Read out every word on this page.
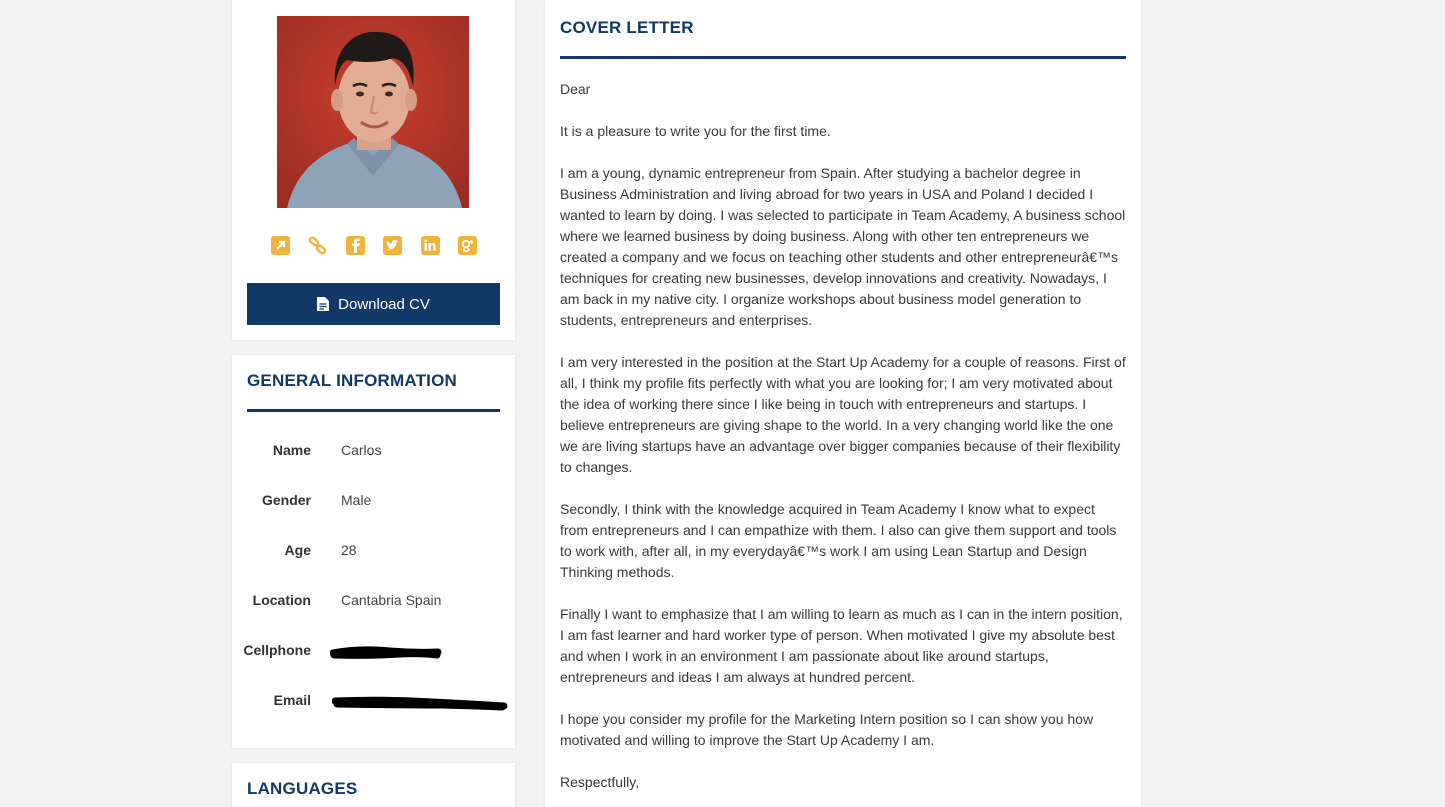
Download CV
GENERAL INFORMATION
Name Carlos
Gender Male
Age 28
Location Cantabria Spain
Cellphone
Email
LANGUAGES
COVER LETTER

Dear

It is a pleasure to write you for the first time.

I am a young, dynamic entrepreneur from Spain. After studying a bachelor degree in Business Administration and living abroad for two years in USA and Poland I decided I wanted to learn by doing. I was selected to participate in Team Academy, A business school where we learned business by doing business. Along with other ten entrepreneurs we created a company and we focus on teaching other students and other entrepreneurâ€™s techniques for creating new businesses, develop innovations and creativity. Nowadays, I am back in my native city. I organize workshops about business model generation to students, entrepreneurs and enterprises.

I am very interested in the position at the Start Up Academy for a couple of reasons. First of all, I think my profile fits perfectly with what you are looking for; I am very motivated about the idea of working there since I like being in touch with entrepreneurs and startups. I believe entrepreneurs are giving shape to the world. In a very changing world like the one we are living startups have an advantage over bigger companies because of their flexibility to changes.

Secondly, I think with the knowledge acquired in Team Academy I know what to expect from entrepreneurs and I can empathize with them. I also can give them support and tools to work with, after all, in my everydayâ€™s work I am using Lean Startup and Design Thinking methods.

Finally I want to emphasize that I am willing to learn as much as I can in the intern position, I am fast learner and hard worker type of person. When motivated I give my absolute best and when I work in an environment I am passionate about like around startups, entrepreneurs and ideas I am always at hundred percent.

I hope you consider my profile for the Marketing Intern position so I can show you how motivated and willing to improve the Start Up Academy I am.

Respectfully,
